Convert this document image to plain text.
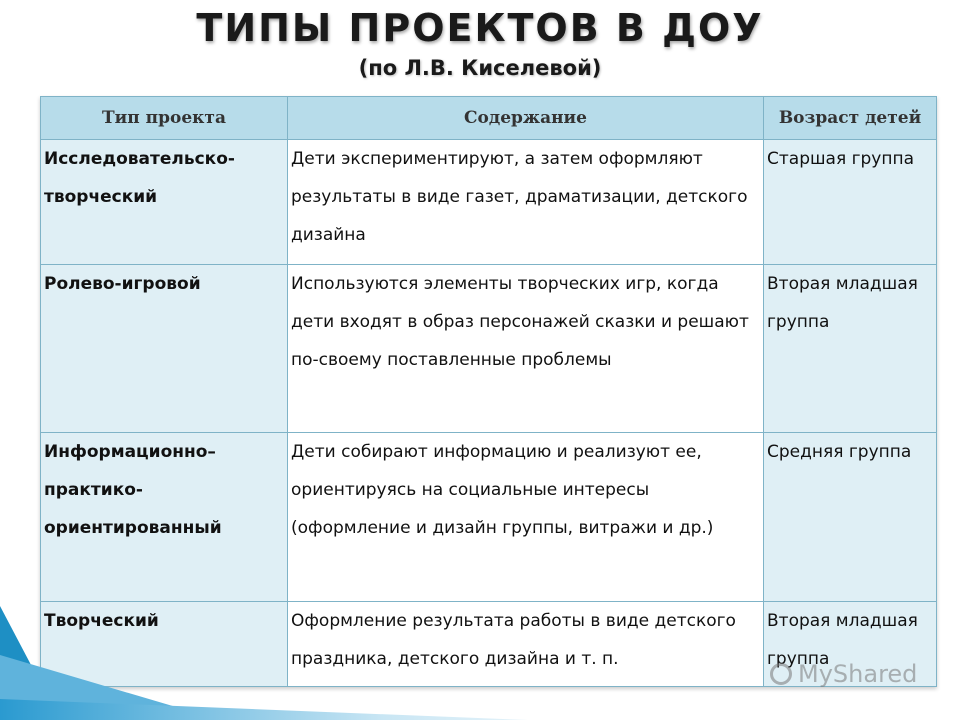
ТИПЫ ПРОЕКТОВ В ДОУ
(по Л.В. Киселевой)
Тип проекта	Содержание	Возраст детей
Исследовательско-творческий	Дети экспериментируют, а затем оформляют результаты в виде газет, драматизации, детского дизайна	Старшая группа
Ролево-игровой	Используются элементы творческих игр, когда дети входят в образ персонажей сказки и решают по-своему поставленные проблемы	Вторая младшая группа
Информационно–практико-ориентированный	Дети собирают информацию и реализуют ее, ориентируясь на социальные интересы (оформление и дизайн группы, витражи и др.)	Средняя группа
Творческий	Оформление результата работы в виде детского праздника, детского дизайна и т. п.	Вторая младшая группа
MyShared
